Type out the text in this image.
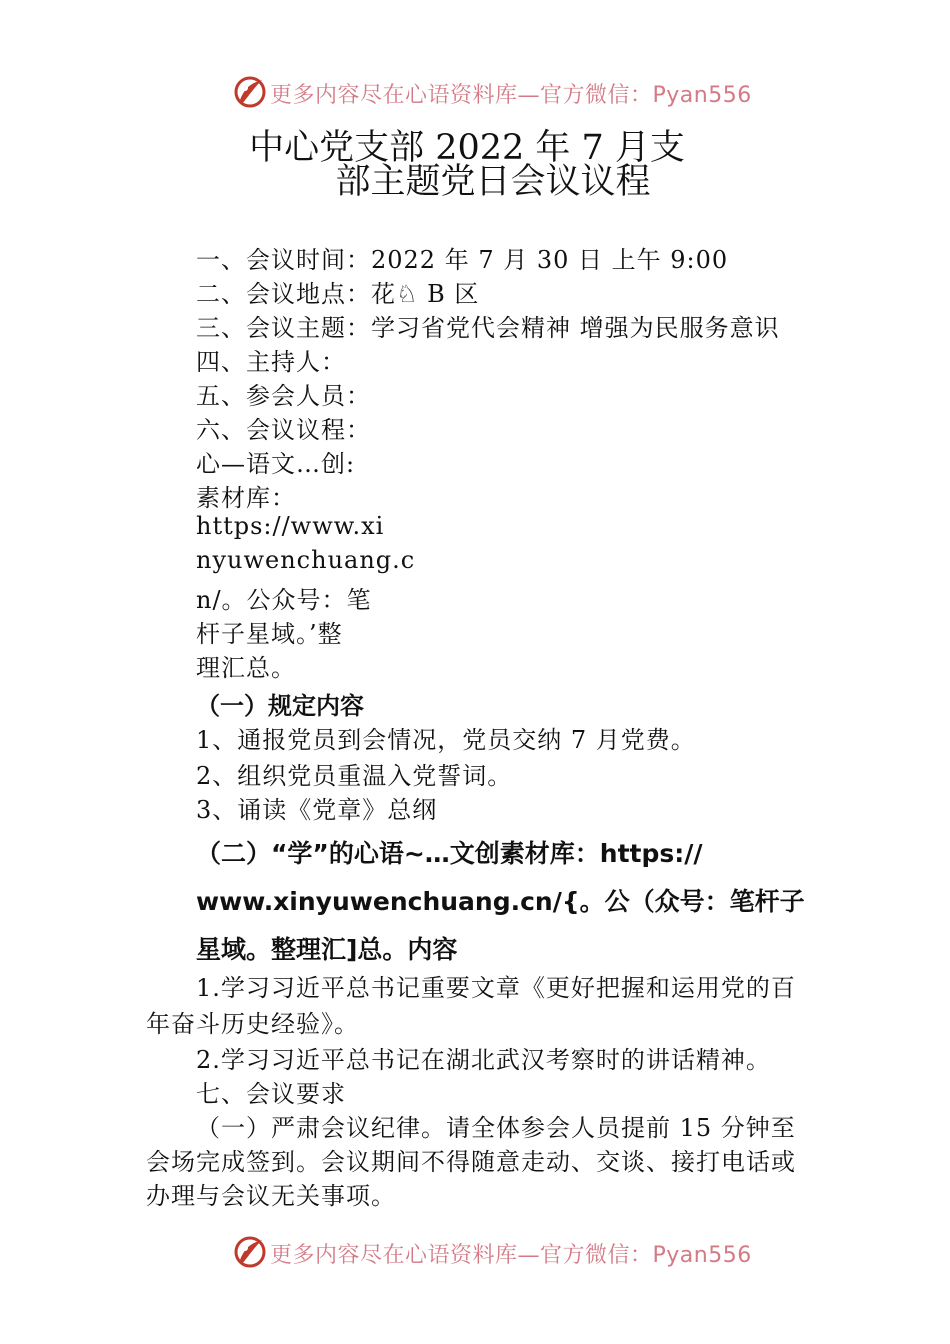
更多内容尽在心语资料库—官方微信：Pyan556
中心党支部 2022 年 7 月支
部主题党日会议议程
一、会议时间：2022 年 7 月 30 日 上午 9:00
二、会议地点：花♘ B 区
三、会议主题：学习省党代会精神 增强为民服务意识
四、主持人：
五、参会人员：
六、会议议程：
心—语文…创:
素材库：
https://www.xi
nyuwenchuang.c
n/。公众号：笔
杆子星域。’整
理汇总。
（一）规定内容
1、通报党员到会情况，党员交纳 7 月党费。
2、组织党员重温入党誓词。
3、诵读《党章》总纲
（二）“学”的心语~…文创素材库：https://
www.xinyuwenchuang.cn/{。公（众号：笔杆子
星域。整理汇]总。内容
1.学习习近平总书记重要文章《更好把握和运用党的百
年奋斗历史经验》。
2.学习习近平总书记在湖北武汉考察时的讲话精神。
七、会议要求
（一）严肃会议纪律。请全体参会人员提前 15 分钟至
会场完成签到。会议期间不得随意走动、交谈、接打电话或
办理与会议无关事项。
更多内容尽在心语资料库—官方微信：Pyan556
